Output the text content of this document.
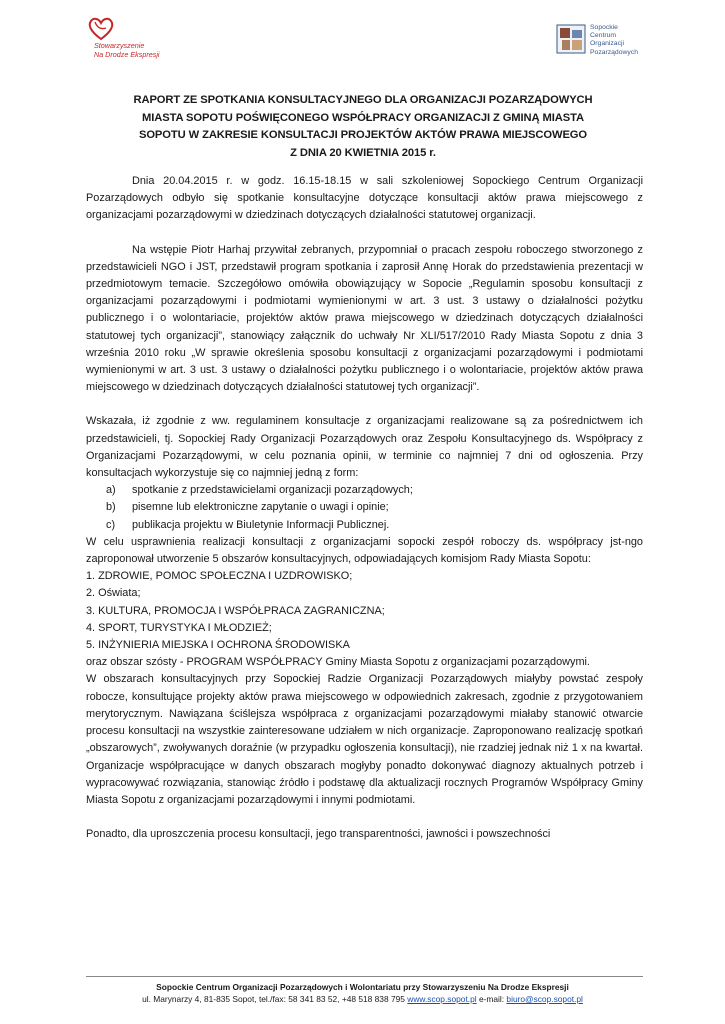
Stowarzyszenie
Na Drodze Ekspresji
Sopockie
Centrum
Organizacji
Pozarządowych
RAPORT ZE SPOTKANIA KONSULTACYJNEGO DLA ORGANIZACJI POZARZĄDOWYCH
MIASTA SOPOTU POŚWIĘCONEGO WSPÓŁPRACY ORGANIZACJI Z GMINĄ MIASTA
SOPOTU W ZAKRESIE KONSULTACJI PROJEKTÓW AKTÓW PRAWA MIEJSCOWEGO
Z DNIA 20 KWIETNIA 2015 r.

Dnia 20.04.2015 r. w godz. 16.15-18.15 w sali szkoleniowej Sopockiego Centrum Organizacji Pozarządowych odbyło się spotkanie konsultacyjne dotyczące konsultacji aktów prawa miejscowego z organizacjami pozarządowymi w dziedzinach dotyczących działalności statutowej organizacji.

Na wstępie Piotr Harhaj przywitał zebranych, przypomniał o pracach zespołu roboczego stworzonego z przedstawicieli NGO i JST, przedstawił program spotkania i zaprosił Annę Horak do przedstawienia prezentacji w przedmiotowym temacie. Szczegółowo omówiła obowiązujący w Sopocie „Regulamin sposobu konsultacji z organizacjami pozarządowymi i podmiotami wymienionymi w art. 3 ust. 3 ustawy o działalności pożytku publicznego i o wolontariacie, projektów aktów prawa miejscowego w dziedzinach dotyczących działalności statutowej tych organizacji”, stanowiący załącznik do uchwały Nr XLI/517/2010 Rady Miasta Sopotu z dnia 3 września 2010 roku „W sprawie określenia sposobu konsultacji z organizacjami pozarządowymi i podmiotami wymienionymi w art. 3 ust. 3 ustawy o działalności pożytku publicznego i o wolontariacie, projektów aktów prawa miejscowego w dziedzinach dotyczących działalności statutowej tych organizacji”.

Wskazała, iż zgodnie z ww. regulaminem konsultacje z organizacjami realizowane są za pośrednictwem ich przedstawicieli, tj. Sopockiej Rady Organizacji Pozarządowych oraz Zespołu Konsultacyjnego ds. Współpracy z Organizacjami Pozarządowymi, w celu poznania opinii, w terminie co najmniej 7 dni od ogłoszenia. Przy konsultacjach wykorzystuje się co najmniej jedną z form:

a)	spotkanie z przedstawicielami organizacji pozarządowych;
b)	pisemne lub elektroniczne zapytanie o uwagi i opinie;
c)	publikacja projektu w Biuletynie Informacji Publicznej.

W celu usprawnienia realizacji konsultacji z organizacjami sopocki zespół roboczy ds. współpracy jst-ngo zaproponował utworzenie 5 obszarów konsultacyjnych, odpowiadających komisjom Rady Miasta Sopotu:

1. ZDROWIE, POMOC SPOŁECZNA I UZDROWISKO;
2. Oświata;
3. KULTURA, PROMOCJA I WSPÓŁPRACA ZAGRANICZNA;
4. SPORT, TURYSTYKA I MŁODZIEŻ;
5. INŻYNIERIA MIEJSKA I OCHRONA ŚRODOWISKA

oraz obszar szósty - PROGRAM WSPÓŁPRACY Gminy Miasta Sopotu z organizacjami pozarządowymi.

W obszarach konsultacyjnych przy Sopockiej Radzie Organizacji Pozarządowych miałyby powstać zespoły robocze, konsultujące projekty aktów prawa miejscowego w odpowiednich zakresach, zgodnie z przygotowaniem merytorycznym. Nawiązana ściślejsza współpraca z organizacjami pozarządowymi miałaby stanowić otwarcie procesu konsultacji na wszystkie zainteresowane udziałem w nich organizacje. Zaproponowano realizację spotkań „obszarowych”, zwoływanych doraźnie (w przypadku ogłoszenia konsultacji), nie rzadziej jednak niż 1 x na kwartał. Organizacje współpracujące w danych obszarach mogłyby ponadto dokonywać diagnozy aktualnych potrzeb i wypracowywać rozwiązania, stanowiąc źródło i podstawę dla aktualizacji rocznych Programów Współpracy Gminy Miasta Sopotu z organizacjami pozarządowymi i innymi podmiotami.

Ponadto, dla uproszczenia procesu konsultacji, jego transparentności, jawności i powszechności

Sopockie Centrum Organizacji Pozarządowych i Wolontariatu przy Stowarzyszeniu Na Drodze Ekspresji
ul. Marynarzy 4, 81-835 Sopot, tel./fax: 58 341 83 52, +48 518 838 795 www.scop.sopot.pl e-mail: biuro@scop.sopot.pl
